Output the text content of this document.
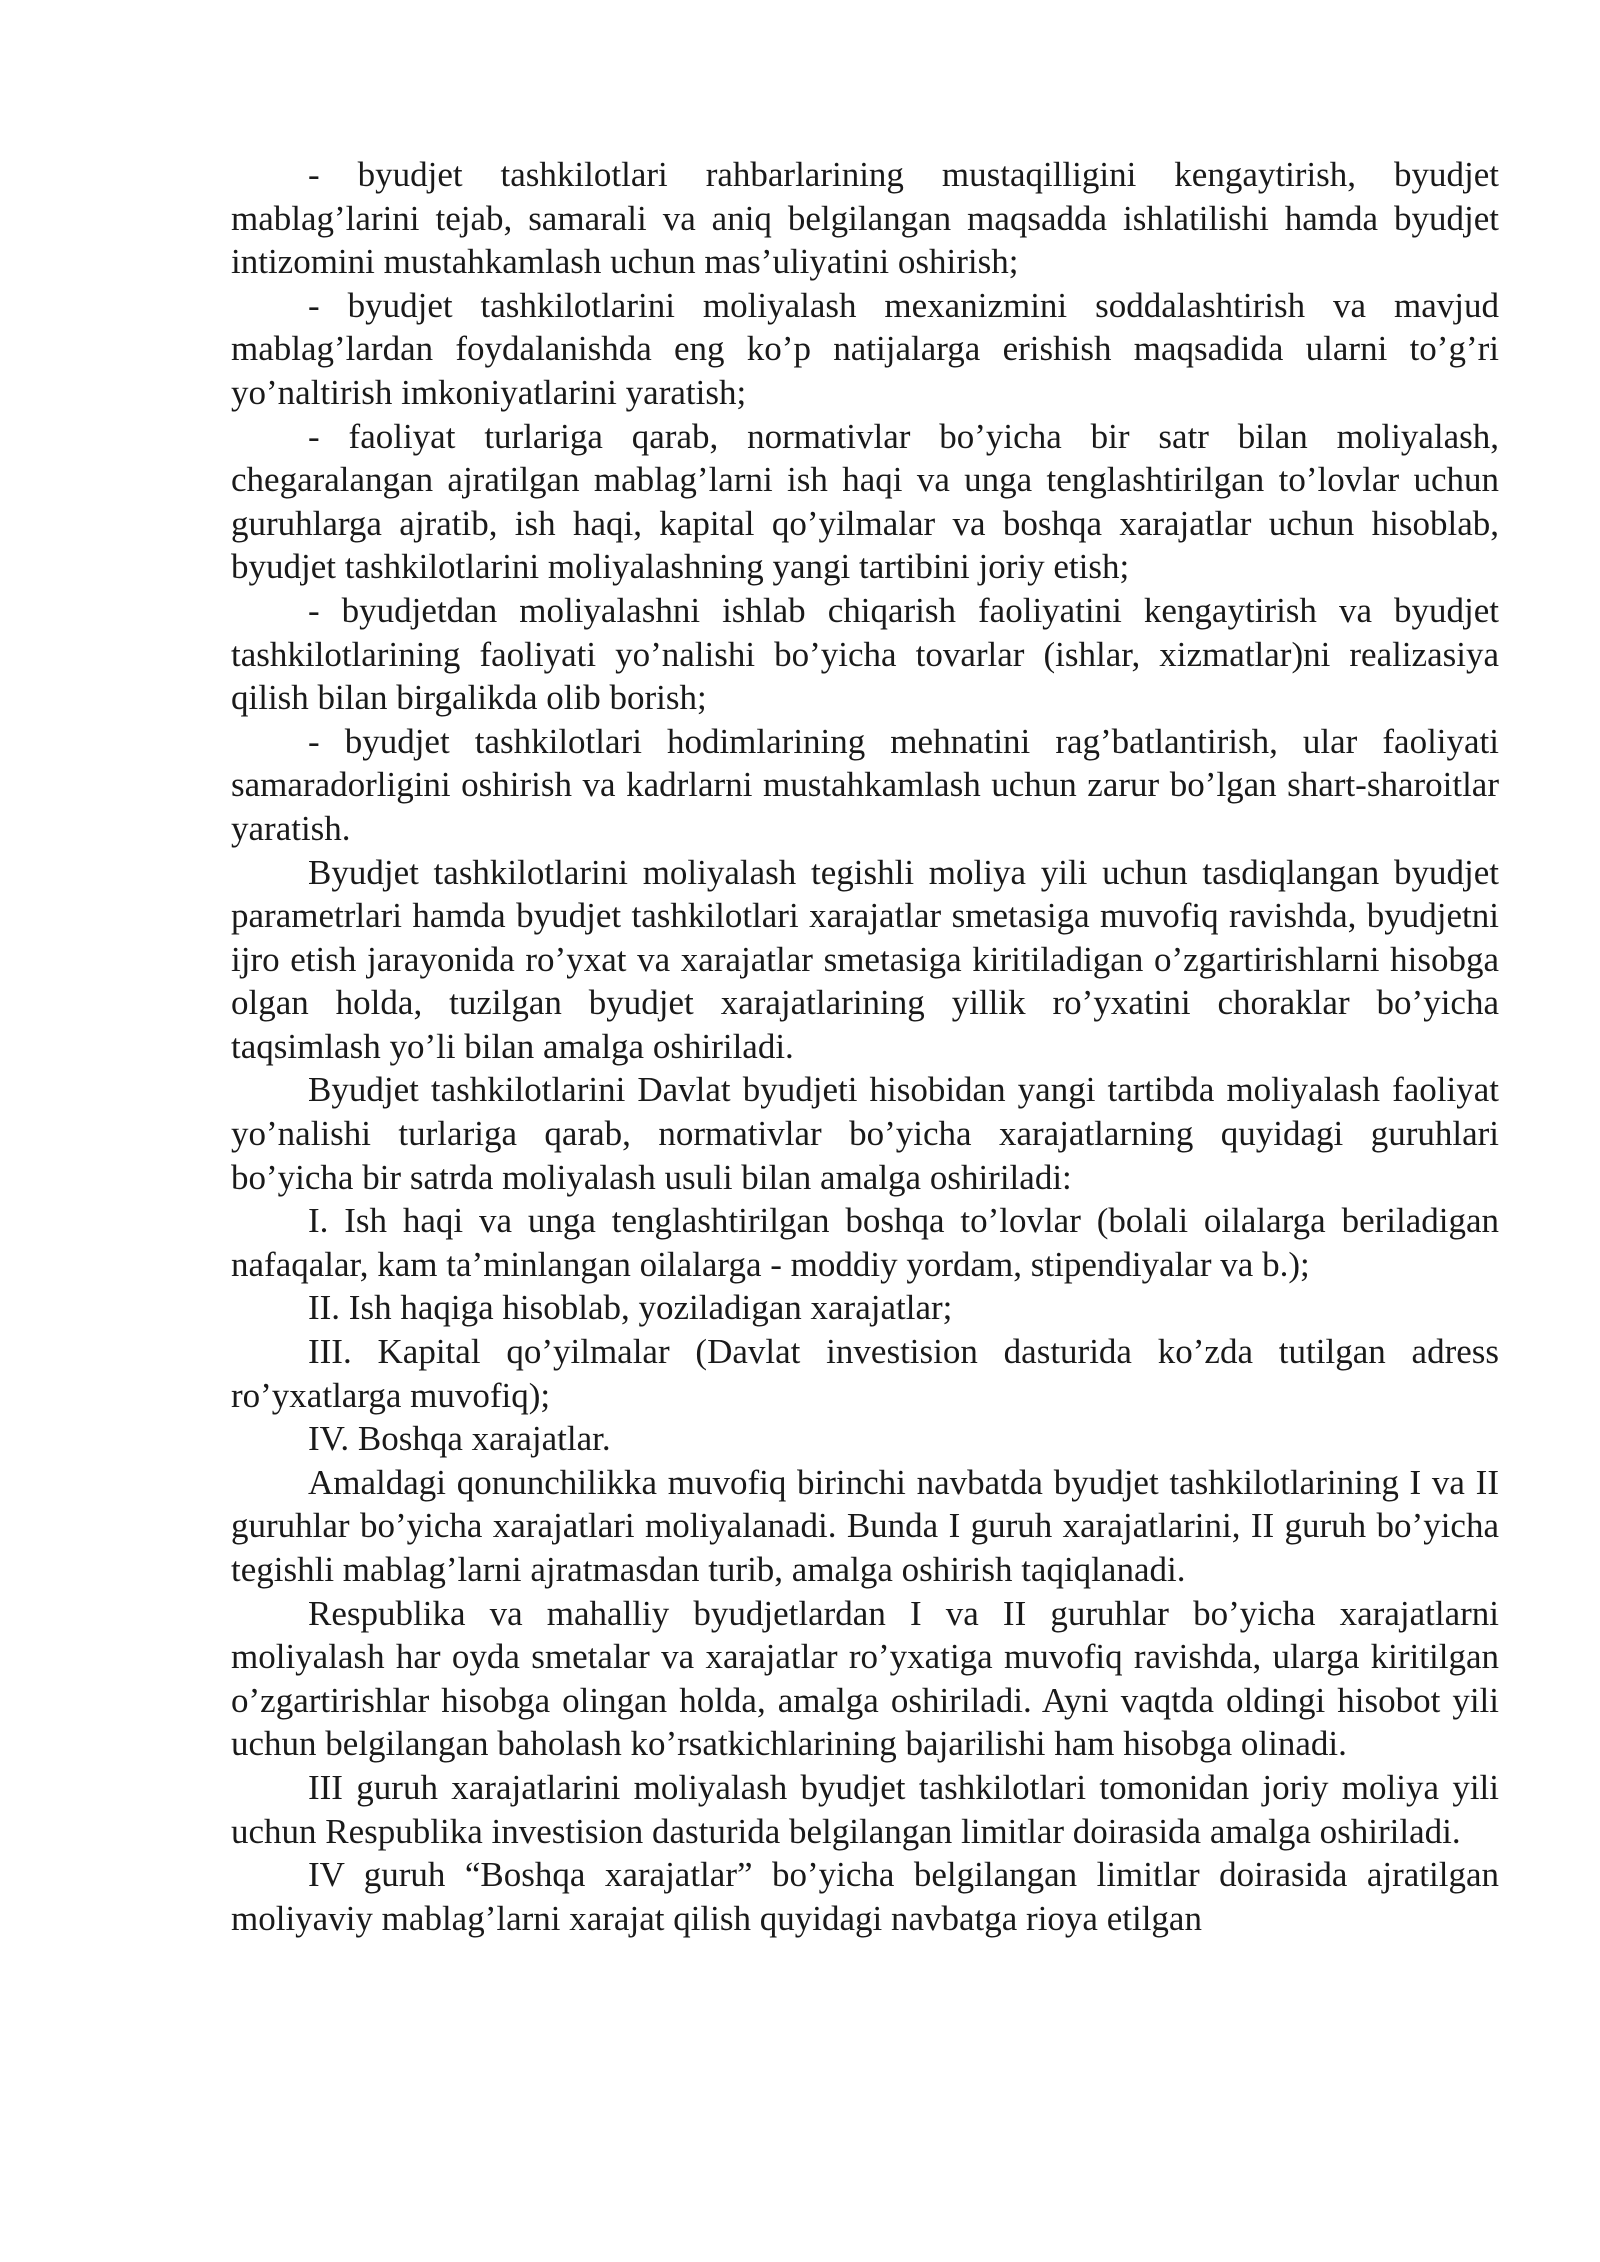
- byudjet tashkilotlari rahbarlarining mustaqilligini kengaytirish, byudjet mablag’larini tejab, samarali va aniq belgilangan maqsadda ishlatilishi hamda byudjet intizomini mustahkamlash uchun mas’uliyatini oshirish;

- byudjet tashkilotlarini moliyalash mexanizmini soddalashtirish va mavjud mablag’lardan foydalanishda eng ko’p natijalarga erishish maqsadida ularni to’g’ri yo’naltirish imkoniyatlarini yaratish;

- faoliyat turlariga qarab, normativlar bo’yicha bir satr bilan moliyalash, chegaralangan ajratilgan mablag’larni ish haqi va unga tenglashtirilgan to’lovlar uchun guruhlarga ajratib, ish haqi, kapital qo’yilmalar va boshqa xarajatlar uchun hisoblab, byudjet tashkilotlarini moliyalashning yangi tartibini joriy etish;

- byudjetdan moliyalashni ishlab chiqarish faoliyatini kengaytirish va byudjet tashkilotlarining faoliyati yo’nalishi bo’yicha tovarlar (ishlar, xizmatlar)ni realizasiya qilish bilan birgalikda olib borish;

- byudjet tashkilotlari hodimlarining mehnatini rag’batlantirish, ular faoliyati samaradorligini oshirish va kadrlarni mustahkamlash uchun zarur bo’lgan shart-sharoitlar yaratish.

Byudjet tashkilotlarini moliyalash tegishli moliya yili uchun tasdiqlangan byudjet parametrlari hamda byudjet tashkilotlari xarajatlar smetasiga muvofiq ravishda, byudjetni ijro etish jarayonida ro’yxat va xarajatlar smetasiga kiritiladigan o’zgartirishlarni hisobga olgan holda, tuzilgan byudjet xarajatlarining yillik ro’yxatini choraklar bo’yicha taqsimlash yo’li bilan amalga oshiriladi.

Byudjet tashkilotlarini Davlat byudjeti hisobidan yangi tartibda moliyalash faoliyat yo’nalishi turlariga qarab, normativlar bo’yicha xarajatlarning quyidagi guruhlari bo’yicha bir satrda moliyalash usuli bilan amalga oshiriladi:

I. Ish haqi va unga tenglashtirilgan boshqa to’lovlar (bolali oilalarga beriladigan nafaqalar, kam ta’minlangan oilalarga - moddiy yordam, stipendiyalar va b.);

II. Ish haqiga hisoblab, yoziladigan xarajatlar;

III. Kapital qo’yilmalar (Davlat investision dasturida ko’zda tutilgan adress ro’yxatlarga muvofiq);

IV. Boshqa xarajatlar.

Amaldagi qonunchilikka muvofiq birinchi navbatda byudjet tashkilotlarining I va II guruhlar bo’yicha xarajatlari moliyalanadi. Bunda I guruh xarajatlarini, II guruh bo’yicha tegishli mablag’larni ajratmasdan turib, amalga oshirish taqiqlanadi.

Respublika va mahalliy byudjetlardan I va II guruhlar bo’yicha xarajatlarni moliyalash har oyda smetalar va xarajatlar ro’yxatiga muvofiq ravishda, ularga kiritilgan o’zgartirishlar hisobga olingan holda, amalga oshiriladi. Ayni vaqtda oldingi hisobot yili uchun belgilangan baholash ko’rsatkichlarining bajarilishi ham hisobga olinadi.

III guruh xarajatlarini moliyalash byudjet tashkilotlari tomonidan joriy moliya yili uchun Respublika investision dasturida belgilangan limitlar doirasida amalga oshiriladi.

IV guruh “Boshqa xarajatlar” bo’yicha belgilangan limitlar doirasida ajratilgan moliyaviy mablag’larni xarajat qilish quyidagi navbatga rioya etilgan
